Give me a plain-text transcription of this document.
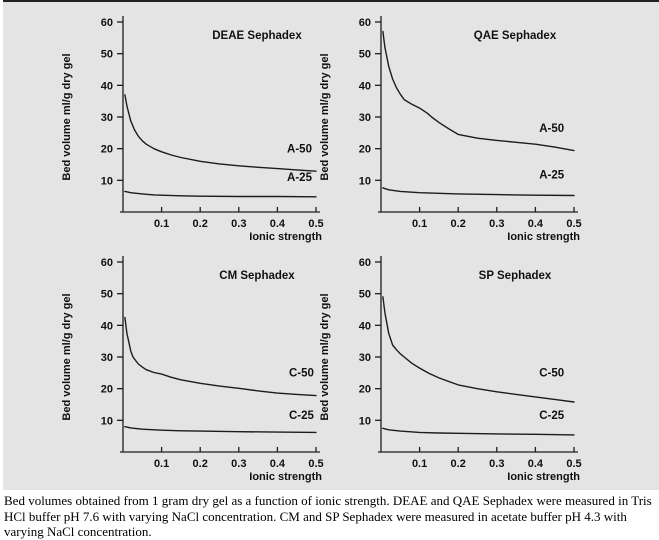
10
20
30
40
50
60
0.1 0.2 0.3 0.4 0.5
DEAE Sephadex
Ionic strength
Bed volume ml/g dry gel	A-50
A-25	10
20
30
40
50
60
0.1 0.2 0.3 0.4 0.5
QAE Sephadex
Ionic strength
Bed volume ml/g dry gel	A-50
A-25
10
20
30
40
50
60
0.1 0.2 0.3 0.4 0.5
CM Sephadex
Ionic strength
Bed volume ml/g dry gel	C-50
C-25	10
20
30
40
50
60
0.1 0.2 0.3 0.4 0.5
SP Sephadex
Ionic strength
Bed volume ml/g dry gel	C-50
C-25
Bed volumes obtained from 1 gram dry gel as a function of ionic strength. DEAE and QAE Sephadex were measured in Tris HCl buffer pH 7.6 with varying NaCl concentration. CM and SP Sephadex were measured in acetate buffer pH 4.3 with varying NaCl concentration.
